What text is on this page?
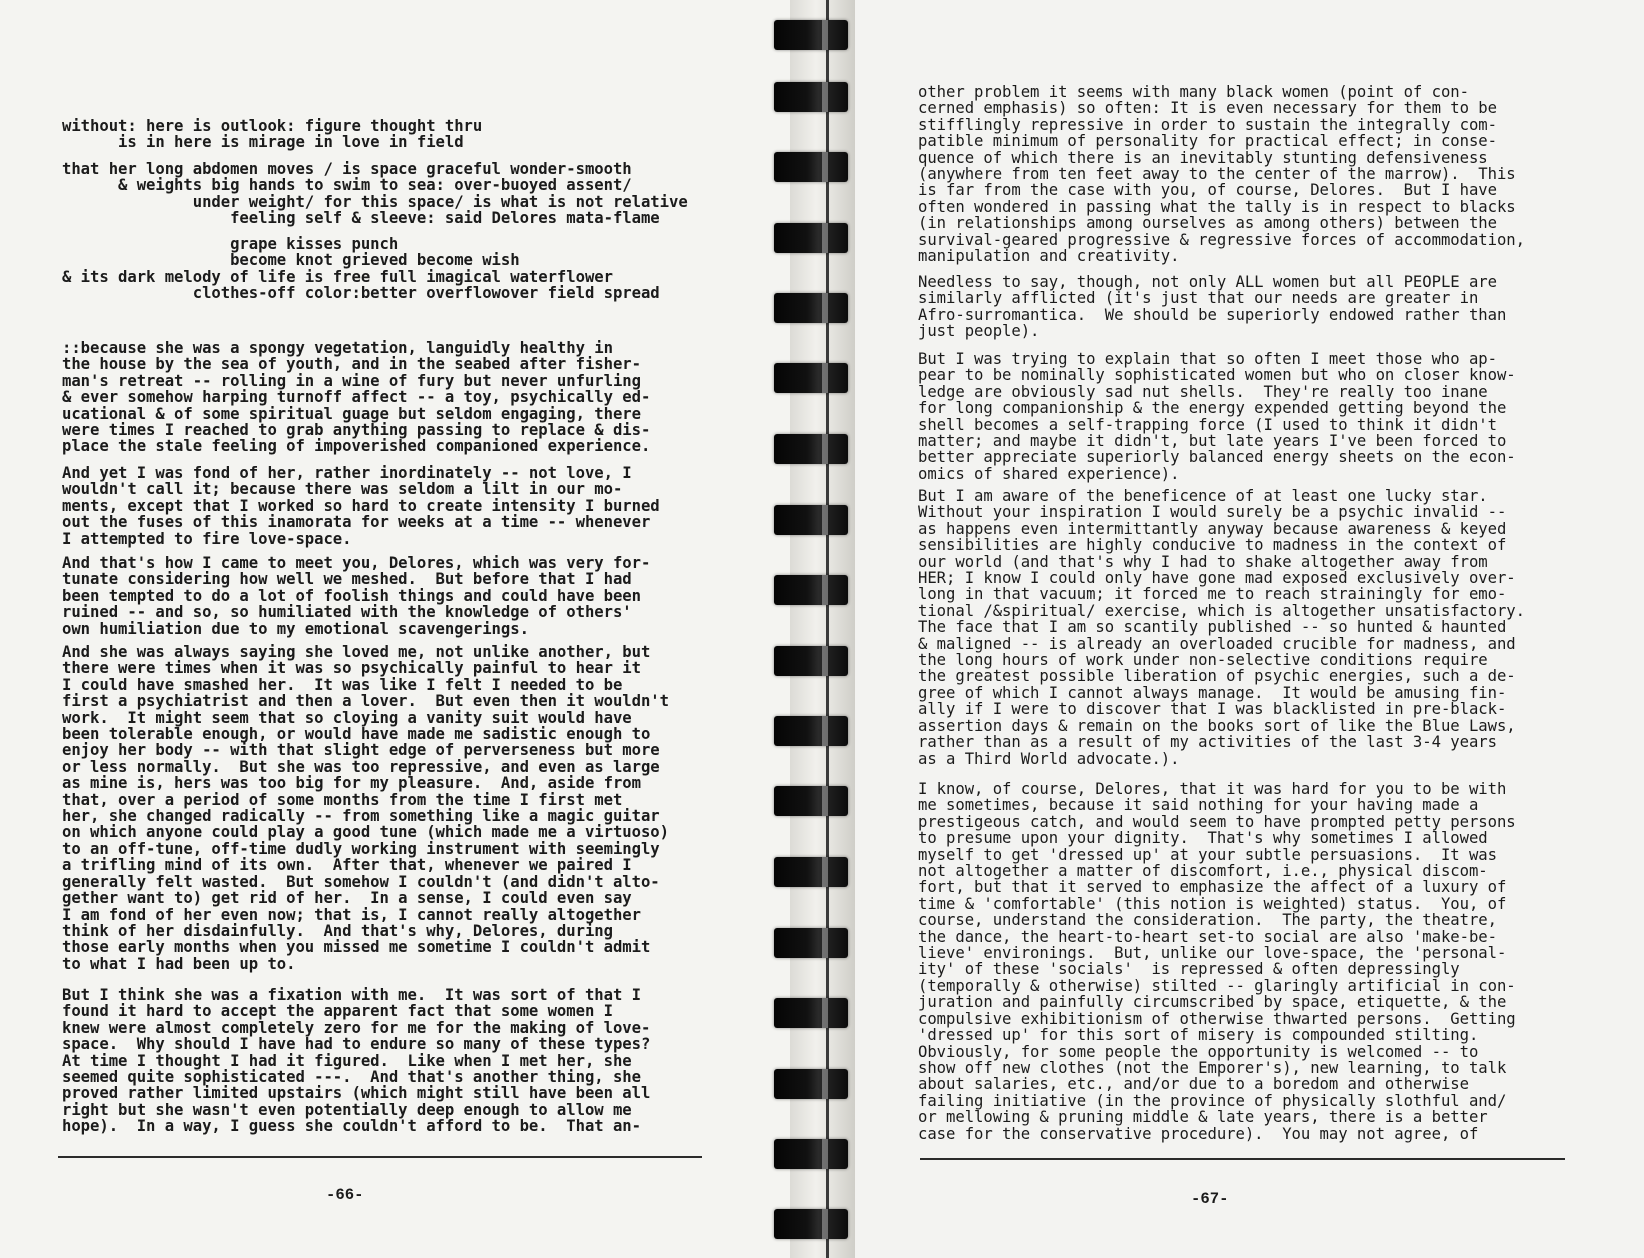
without: here is outlook: figure thought thru
is in here is mirage in love in field
that her long abdomen moves / is space graceful wonder-smooth
& weights big hands to swim to sea: over-buoyed assent/
under weight/ for this space/ is what is not relative
feeling self & sleeve: said Delores mata-flame
grape kisses punch
become knot grieved become wish
& its dark melody of life is free full imagical waterflower
clothes-off color:better overflowover field spread
::because she was a spongy vegetation, languidly healthy in
the house by the sea of youth, and in the seabed after fisher-
man's retreat -- rolling in a wine of fury but never unfurling
& ever somehow harping turnoff affect -- a toy, psychically ed-
ucational & of some spiritual guage but seldom engaging, there
were times I reached to grab anything passing to replace & dis-
place the stale feeling of impoverished companioned experience.
And yet I was fond of her, rather inordinately -- not love, I
wouldn't call it; because there was seldom a lilt in our mo-
ments, except that I worked so hard to create intensity I burned
out the fuses of this inamorata for weeks at a time -- whenever
I attempted to fire love-space.
And that's how I came to meet you, Delores, which was very for-
tunate considering how well we meshed.  But before that I had
been tempted to do a lot of foolish things and could have been
ruined -- and so, so humiliated with the knowledge of others'
own humiliation due to my emotional scavengerings.
And she was always saying she loved me, not unlike another, but
there were times when it was so psychically painful to hear it
I could have smashed her.  It was like I felt I needed to be
first a psychiatrist and then a lover.  But even then it wouldn't
work.  It might seem that so cloying a vanity suit would have
been tolerable enough, or would have made me sadistic enough to
enjoy her body -- with that slight edge of perverseness but more
or less normally.  But she was too repressive, and even as large
as mine is, hers was too big for my pleasure.  And, aside from
that, over a period of some months from the time I first met
her, she changed radically -- from something like a magic guitar
on which anyone could play a good tune (which made me a virtuoso)
to an off-tune, off-time dudly working instrument with seemingly
a trifling mind of its own.  After that, whenever we paired I
generally felt wasted.  But somehow I couldn't (and didn't alto-
gether want to) get rid of her.  In a sense, I could even say
I am fond of her even now; that is, I cannot really altogether
think of her disdainfully.  And that's why, Delores, during
those early months when you missed me sometime I couldn't admit
to what I had been up to.
But I think she was a fixation with me.  It was sort of that I
found it hard to accept the apparent fact that some women I
knew were almost completely zero for me for the making of love-
space.  Why should I have had to endure so many of these types?
At time I thought I had it figured.  Like when I met her, she
seemed quite sophisticated ---.  And that's another thing, she
proved rather limited upstairs (which might still have been all
right but she wasn't even potentially deep enough to allow me
hope).  In a way, I guess she couldn't afford to be.  That an-
-66-
other problem it seems with many black women (point of con-
cerned emphasis) so often: It is even necessary for them to be
stifflingly repressive in order to sustain the integrally com-
patible minimum of personality for practical effect; in conse-
quence of which there is an inevitably stunting defensiveness
(anywhere from ten feet away to the center of the marrow).  This
is far from the case with you, of course, Delores.  But I have
often wondered in passing what the tally is in respect to blacks
(in relationships among ourselves as among others) between the
survival-geared progressive & regressive forces of accommodation,
manipulation and creativity.
Needless to say, though, not only ALL women but all PEOPLE are
similarly afflicted (it's just that our needs are greater in
Afro-surromantica.  We should be superiorly endowed rather than
just people).
But I was trying to explain that so often I meet those who ap-
pear to be nominally sophisticated women but who on closer know-
ledge are obviously sad nut shells.  They're really too inane
for long companionship & the energy expended getting beyond the
shell becomes a self-trapping force (I used to think it didn't
matter; and maybe it didn't, but late years I've been forced to
better appreciate superiorly balanced energy sheets on the econ-
omics of shared experience).
But I am aware of the beneficence of at least one lucky star.
Without your inspiration I would surely be a psychic invalid --
as happens even intermittantly anyway because awareness & keyed
sensibilities are highly conducive to madness in the context of
our world (and that's why I had to shake altogether away from
HER; I know I could only have gone mad exposed exclusively over-
long in that vacuum; it forced me to reach strainingly for emo-
tional /&spiritual/ exercise, which is altogether unsatisfactory.
The face that I am so scantily published -- so hunted & haunted
& maligned -- is already an overloaded crucible for madness, and
the long hours of work under non-selective conditions require
the greatest possible liberation of psychic energies, such a de-
gree of which I cannot always manage.  It would be amusing fin-
ally if I were to discover that I was blacklisted in pre-black-
assertion days & remain on the books sort of like the Blue Laws,
rather than as a result of my activities of the last 3-4 years
as a Third World advocate.).
I know, of course, Delores, that it was hard for you to be with
me sometimes, because it said nothing for your having made a
prestigeous catch, and would seem to have prompted petty persons
to presume upon your dignity.  That's why sometimes I allowed
myself to get 'dressed up' at your subtle persuasions.  It was
not altogether a matter of discomfort, i.e., physical discom-
fort, but that it served to emphasize the affect of a luxury of
time & 'comfortable' (this notion is weighted) status.  You, of
course, understand the consideration.  The party, the theatre,
the dance, the heart-to-heart set-to social are also 'make-be-
lieve' environings.  But, unlike our love-space, the 'personal-
ity' of these 'socials'  is repressed & often depressingly
(temporally & otherwise) stilted -- glaringly artificial in con-
juration and painfully circumscribed by space, etiquette, & the
compulsive exhibitionism of otherwise thwarted persons.  Getting
'dressed up' for this sort of misery is compounded stilting.
Obviously, for some people the opportunity is welcomed -- to
show off new clothes (not the Emporer's), new learning, to talk
about salaries, etc., and/or due to a boredom and otherwise
failing initiative (in the province of physically slothful and/
or mellowing & pruning middle & late years, there is a better
case for the conservative procedure).  You may not agree, of
-67-
